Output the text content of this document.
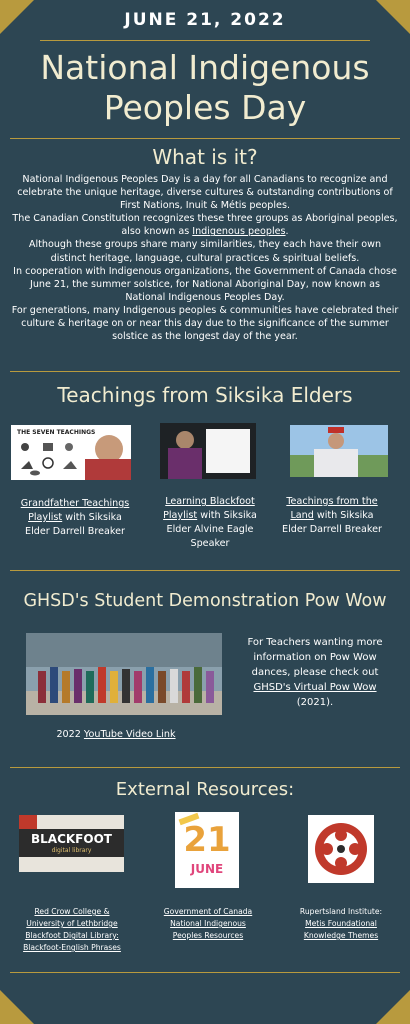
JUNE 21, 2022
National Indigenous
Peoples Day
What is it?

National Indigenous Peoples Day is a day for all Canadians to recognize and celebrate the unique heritage, diverse cultures & outstanding contributions of First Nations, Inuit & Métis peoples.

The Canadian Constitution recognizes these three groups as Aboriginal peoples, also known as Indigenous peoples.

Although these groups share many similarities, they each have their own distinct heritage, language, cultural practices & spiritual beliefs.

In cooperation with Indigenous organizations, the Government of Canada chose June 21, the summer solstice, for National Aboriginal Day, now known as National Indigenous Peoples Day.

For generations, many Indigenous peoples & communities have celebrated their culture & heritage on or near this day due to the significance of the summer solstice as the longest day of the year.

Teachings from Siksika Elders
THE SEVEN TEACHINGS
Grandfather Teachings Playlist with Siksika Elder Darrell Breaker
Learning Blackfoot Playlist with Siksika Elder Alvine Eagle Speaker
Teachings from the Land with Siksika Elder Darrell Breaker
GHSD's Student Demonstration Pow Wow
For Teachers wanting more information on Pow Wow dances, please check out GHSD's Virtual Pow Wow (2021).
2022 YouTube Video Link
External Resources:
BLACKFOOT
digital library	21
JUNE
Red Crow College & University of Lethbridge Blackfoot Digital Library: Blackfoot-English Phrases
Government of Canada National Indigenous Peoples Resources
Rupertsland Institute: Metis Foundational Knowledge Themes
